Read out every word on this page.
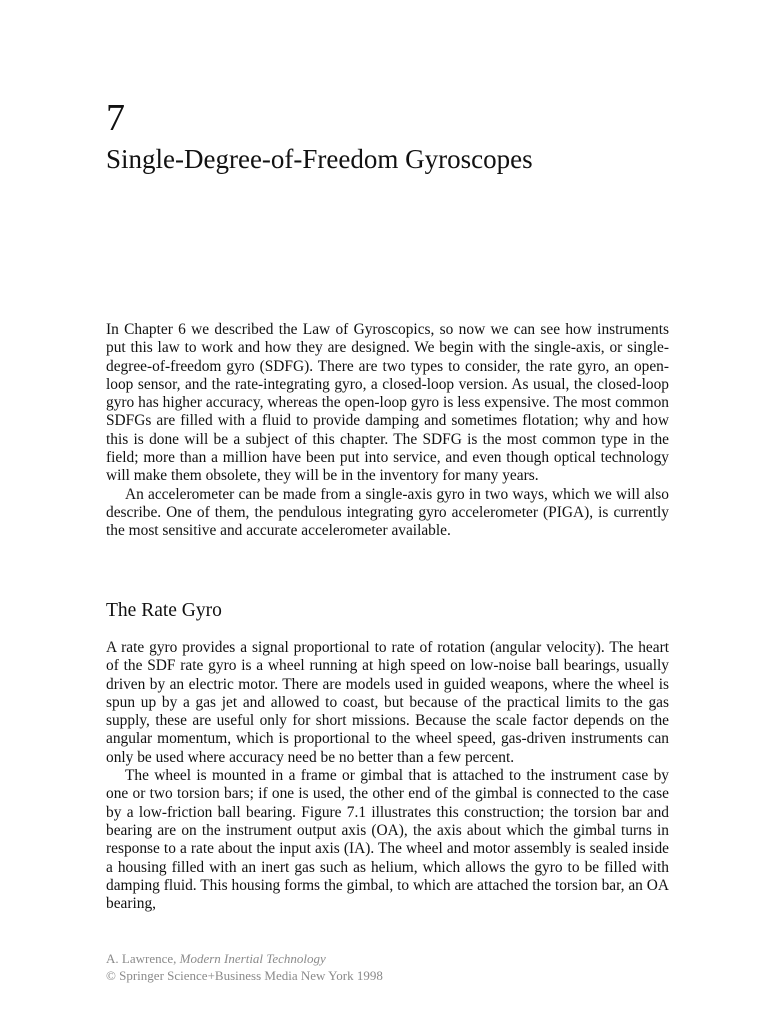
7
Single-Degree-of-Freedom Gyroscopes

In Chapter 6 we described the Law of Gyroscopics, so now we can see how instruments put this law to work and how they are designed. We begin with the single-axis, or single-degree-of-freedom gyro (SDFG). There are two types to consider, the rate gyro, an open-loop sensor, and the rate-integrating gyro, a closed-loop version. As usual, the closed-loop gyro has higher accuracy, whereas the open-loop gyro is less expensive. The most common SDFGs are filled with a fluid to provide damping and sometimes flotation; why and how this is done will be a subject of this chapter. The SDFG is the most common type in the field; more than a million have been put into service, and even though optical technology will make them obsolete, they will be in the inventory for many years.

An accelerometer can be made from a single-axis gyro in two ways, which we will also describe. One of them, the pendulous integrating gyro accelerometer (PIGA), is currently the most sensitive and accurate accelerometer available.

The Rate Gyro

A rate gyro provides a signal proportional to rate of rotation (angular velocity). The heart of the SDF rate gyro is a wheel running at high speed on low-noise ball bearings, usually driven by an electric motor. There are models used in guided weapons, where the wheel is spun up by a gas jet and allowed to coast, but because of the practical limits to the gas supply, these are useful only for short missions. Because the scale factor depends on the angular momentum, which is proportional to the wheel speed, gas-driven instruments can only be used where accuracy need be no better than a few percent.

The wheel is mounted in a frame or gimbal that is attached to the instrument case by one or two torsion bars; if one is used, the other end of the gimbal is connected to the case by a low-friction ball bearing. Figure 7.1 illustrates this construction; the torsion bar and bearing are on the instrument output axis (OA), the axis about which the gimbal turns in response to a rate about the input axis (IA). The wheel and motor assembly is sealed inside a housing filled with an inert gas such as helium, which allows the gyro to be filled with damping fluid. This housing forms the gimbal, to which are attached the torsion bar, an OA bearing,

A. Lawrence, Modern Inertial Technology
© Springer Science+Business Media New York 1998
